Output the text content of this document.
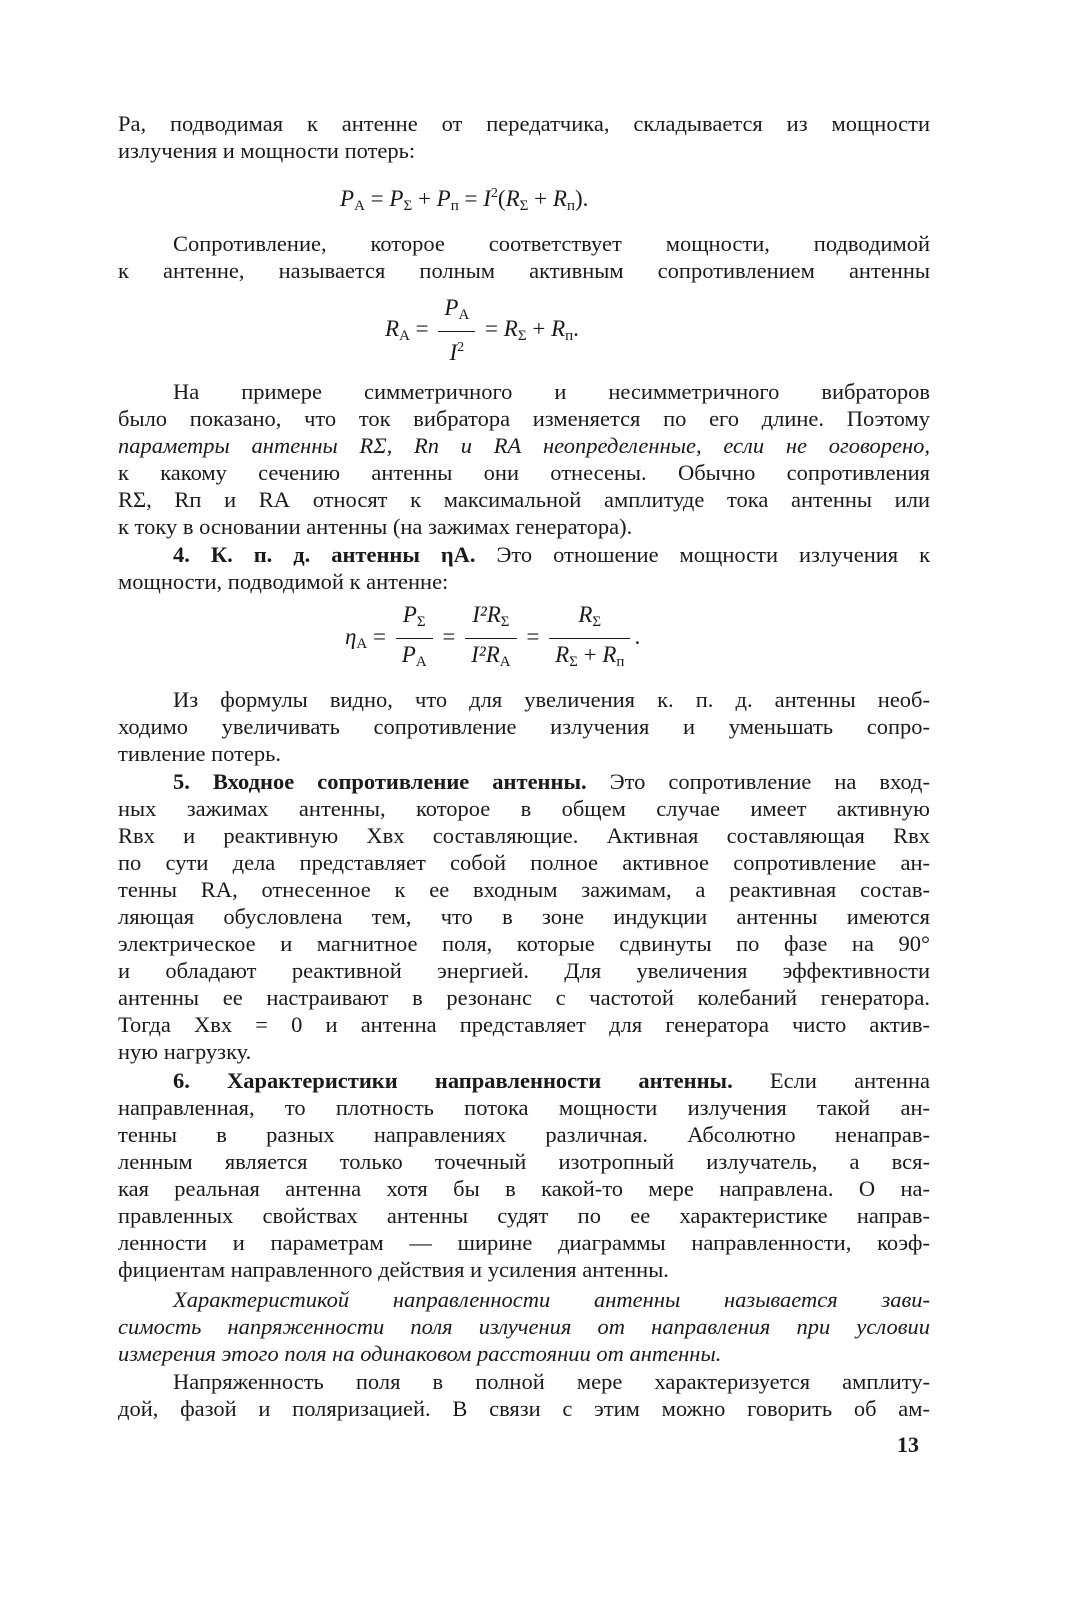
Pа, подводимая к антенне от передатчика, складывается из мощности
излучения и мощности потерь:
$P_А = P_\Sigma + P_п = I^2(R_\Sigma + R_п)$.
Сопротивление, которое соответствует мощности, подводимой
к антенне, называется полным активным сопротивлением антенны
$R_А = \frac{P_А}{I^2} = R_\Sigma + R_п$.
На примере симметричного и несимметричного вибраторов
было показано, что ток вибратора изменяется по его длине. Поэтому
параметры антенны RΣ, Rп и RА неопределенные, если не оговорено,
к какому сечению антенны они отнесены. Обычно сопротивления
RΣ, Rп и RА относят к максимальной амплитуде тока антенны или
к току в основании антенны (на зажимах генератора).
4. К. п. д. антенны ηА. Это отношение мощности излучения к
мощности, подводимой к антенне:
$\eta_А = \frac{P_\Sigma}{P_А} = \frac{I^2R_\Sigma}{I^2R_А} = \frac{R_\Sigma}{R_\Sigma + R_п}$ .
Из формулы видно, что для увеличения к. п. д. антенны необ-
ходимо увеличивать сопротивление излучения и уменьшать сопро-
тивление потерь.
5. Входное сопротивление антенны. Это сопротивление на вход-
ных зажимах антенны, которое в общем случае имеет активную
Rвх и реактивную Xвх составляющие. Активная составляющая Rвх
по сути дела представляет собой полное активное сопротивление ан-
тенны RА, отнесенное к ее входным зажимам, а реактивная состав-
ляющая обусловлена тем, что в зоне индукции антенны имеются
электрическое и магнитное поля, которые сдвинуты по фазе на 90°
и обладают реактивной энергией. Для увеличения эффективности
антенны ее настраивают в резонанс с частотой колебаний генератора.
Тогда Xвх = 0 и антенна представляет для генератора чисто актив-
ную нагрузку.
6. Характеристики направленности антенны. Если антенна
направленная, то плотность потока мощности излучения такой ан-
тенны в разных направлениях различная. Абсолютно ненаправ-
ленным является только точечный изотропный излучатель, а вся-
кая реальная антенна хотя бы в какой-то мере направлена. О на-
правленных свойствах антенны судят по ее характеристике направ-
ленности и параметрам — ширине диаграммы направленности, коэф-
фициентам направленного действия и усиления антенны.
Характеристикой направленности антенны называется зави-
симость напряженности поля излучения от направления при условии
измерения этого поля на одинаковом расстоянии от антенны.
Напряженность поля в полной мере характеризуется амплиту-
дой, фазой и поляризацией. В связи с этим можно говорить об ам-
13
